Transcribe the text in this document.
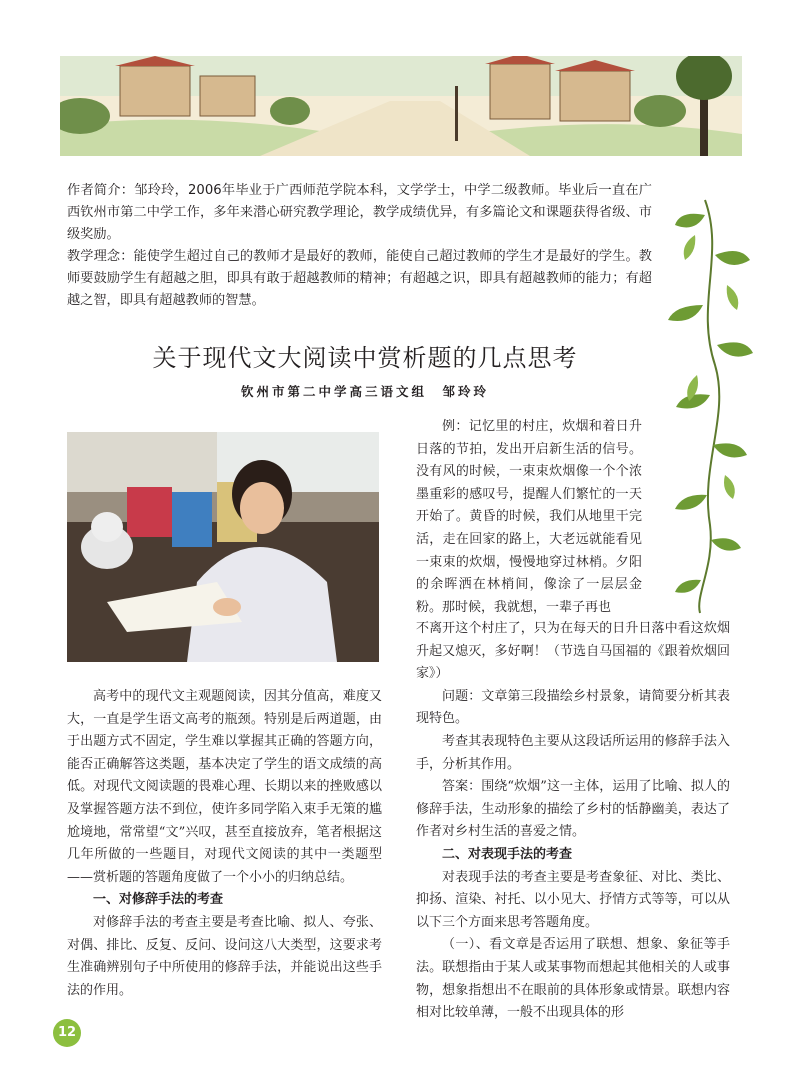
作者简介：邹玲玲，2006年毕业于广西师范学院本科，文学学士，中学二级教师。毕业后一直在广西钦州市第二中学工作，多年来潜心研究教学理论，教学成绩优异，有多篇论文和课题获得省级、市级奖励。

教学理念：能使学生超过自己的教师才是最好的教师，能使自己超过教师的学生才是最好的学生。教师要鼓励学生有超越之胆，即具有敢于超越教师的精神；有超越之识，即具有超越教师的能力；有超越之智，即具有超越教师的智慧。

关于现代文大阅读中赏析题的几点思考

钦州市第二中学高三语文组　邹玲玲

例：记忆里的村庄，炊烟和着日升日落的节拍，发出开启新生活的信号。没有风的时候，一束束炊烟像一个个浓墨重彩的感叹号，提醒人们繁忙的一天开始了。黄昏的时候，我们从地里干完活，走在回家的路上，大老远就能看见一束束的炊烟，慢慢地穿过林梢。夕阳的余晖洒在林梢间，像涂了一层层金粉。那时候，我就想，一辈子再也

不离开这个村庄了，只为在每天的日升日落中看这炊烟升起又熄灭，多好啊！（节选自马国福的《跟着炊烟回家》）

问题：文章第三段描绘乡村景象，请简要分析其表现特色。

考查其表现特色主要从这段话所运用的修辞手法入手，分析其作用。

答案：围绕“炊烟”这一主体，运用了比喻、拟人的修辞手法，生动形象的描绘了乡村的恬静幽美，表达了作者对乡村生活的喜爱之情。

二、对表现手法的考查

对表现手法的考查主要是考查象征、对比、类比、抑扬、渲染、衬托、以小见大、抒情方式等等，可以从以下三个方面来思考答题角度。

（一）、看文章是否运用了联想、想象、象征等手法。联想指由于某人或某事物而想起其他相关的人或事物，想象指想出不在眼前的具体形象或情景。联想内容相对比较单薄，一般不出现具体的形

高考中的现代文主观题阅读，因其分值高，难度又大，一直是学生语文高考的瓶颈。特别是后两道题，由于出题方式不固定，学生难以掌握其正确的答题方向，能否正确解答这类题，基本决定了学生的语文成绩的高低。对现代文阅读题的畏难心理、长期以来的挫败感以及掌握答题方法不到位，使许多同学陷入束手无策的尴尬境地，常常望“文”兴叹，甚至直接放弃，笔者根据这几年所做的一些题目，对现代文阅读的其中一类题型——赏析题的答题角度做了一个小小的归纳总结。

一、对修辞手法的考查

对修辞手法的考查主要是考查比喻、拟人、夸张、对偶、排比、反复、反问、设问这八大类型，这要求考生准确辨别句子中所使用的修辞手法，并能说出这些手法的作用。

12
